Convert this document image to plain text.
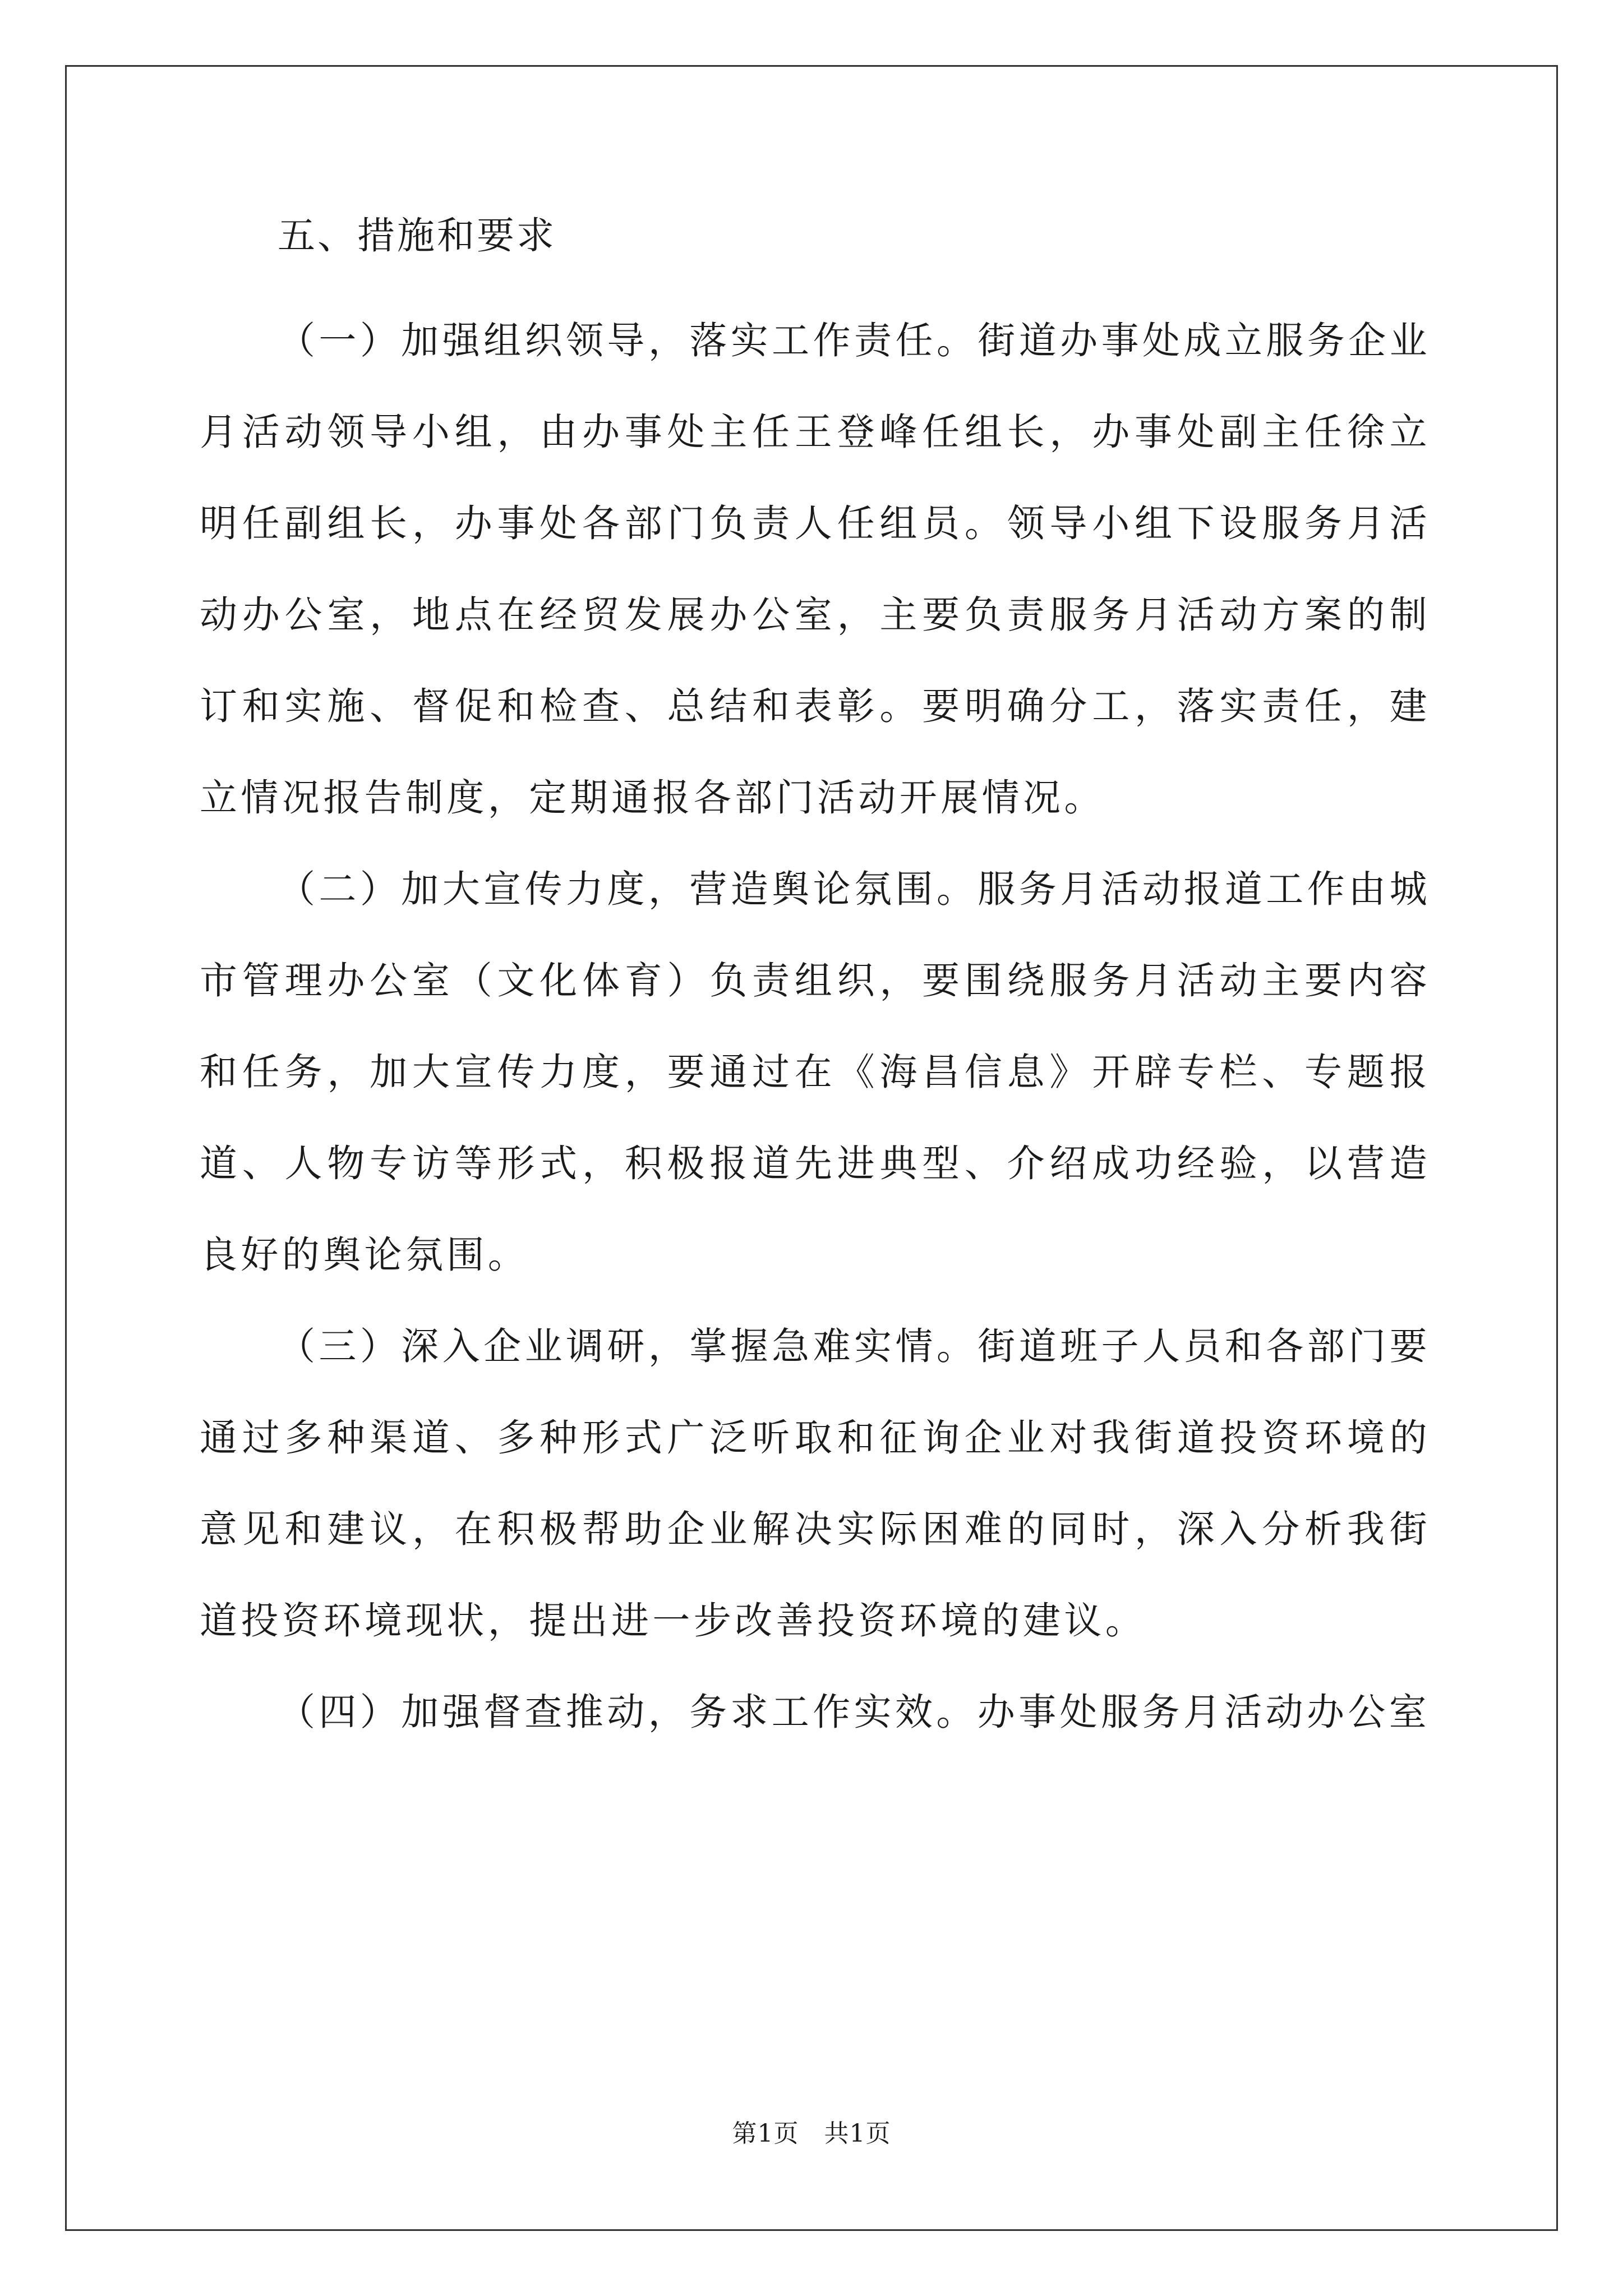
五、措施和要求

（一）加强组织领导，落实工作责任。街道办事处成立服务企业月活动领导小组，由办事处主任王登峰任组长，办事处副主任徐立明任副组长，办事处各部门负责人任组员。领导小组下设服务月活动办公室，地点在经贸发展办公室，主要负责服务月活动方案的制订和实施、督促和检查、总结和表彰。要明确分工，落实责任，建立情况报告制度，定期通报各部门活动开展情况。

（二）加大宣传力度，营造舆论氛围。服务月活动报道工作由城市管理办公室（文化体育）负责组织，要围绕服务月活动主要内容和任务，加大宣传力度，要通过在《海昌信息》开辟专栏、专题报道、人物专访等形式，积极报道先进典型、介绍成功经验，以营造良好的舆论氛围。

（三）深入企业调研，掌握急难实情。街道班子人员和各部门要通过多种渠道、多种形式广泛听取和征询企业对我街道投资环境的意见和建议，在积极帮助企业解决实际困难的同时，深入分析我街道投资环境现状，提出进一步改善投资环境的建议。

（四）加强督查推动，务求工作实效。办事处服务月活动办公室

第1页　共1页
